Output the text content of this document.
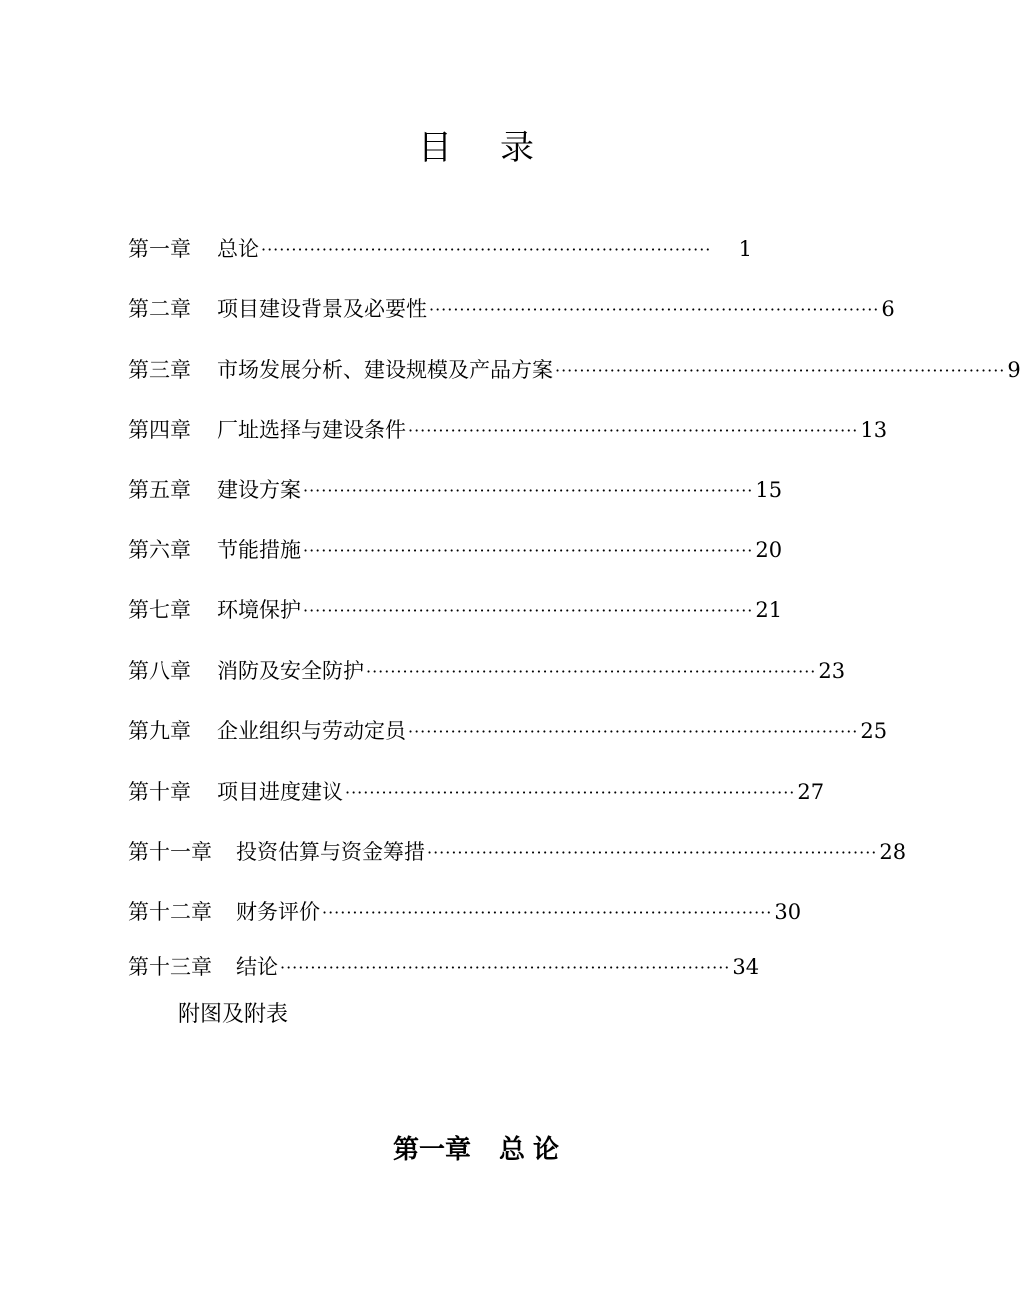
目 录
第一章 总论 ··········································································	1
第二章 项目建设背景及必要性 ·········································································· 6
第三章 市场发展分析、建设规模及产品方案 ·········································································· 9
第四章 厂址选择与建设条件 ·········································································· 13
第五章 建设方案 ·········································································· 15
第六章 节能措施 ·········································································· 20
第七章 环境保护 ·········································································· 21
第八章 消防及安全防护 ·········································································· 23
第九章 企业组织与劳动定员 ·········································································· 25
第十章 项目进度建议 ·········································································· 27
第十一章 投资估算与资金筹措 ·········································································· 28
第十二章 财务评价 ·········································································· 30
第十三章 结论 ·········································································· 34
附图及附表
第一章 总 论
